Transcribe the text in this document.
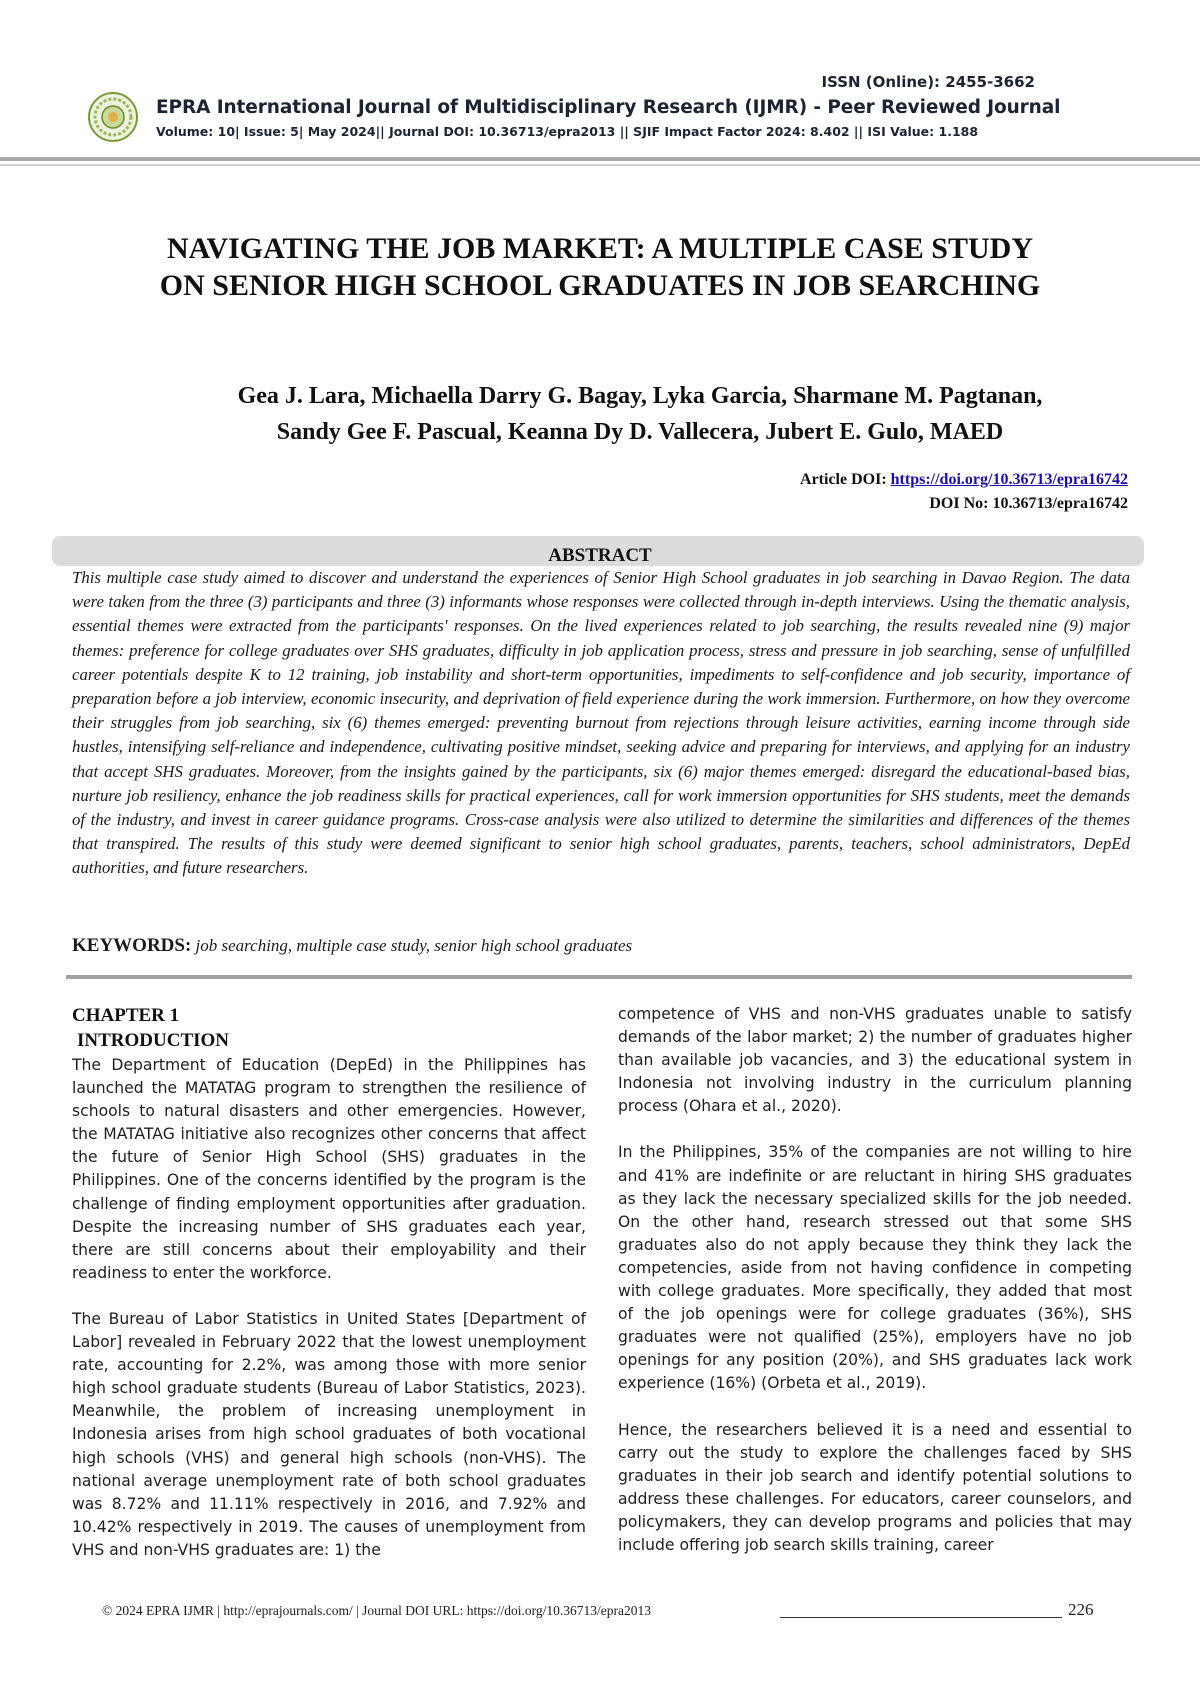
ISSN (Online): 2455-3662
EPRA International Journal of Multidisciplinary Research (IJMR) - Peer Reviewed Journal
Volume: 10| Issue: 5| May 2024|| Journal DOI: 10.36713/epra2013 || SJIF Impact Factor 2024: 8.402 || ISI Value: 1.188
NAVIGATING THE JOB MARKET: A MULTIPLE CASE STUDY
ON SENIOR HIGH SCHOOL GRADUATES IN JOB SEARCHING
Gea J. Lara, Michaella Darry G. Bagay, Lyka Garcia, Sharmane M. Pagtanan,
Sandy Gee F. Pascual, Keanna Dy D. Vallecera, Jubert E. Gulo, MAED
Article DOI: https://doi.org/10.36713/epra16742
DOI No: 10.36713/epra16742
ABSTRACT
This multiple case study aimed to discover and understand the experiences of Senior High School graduates in job searching in Davao Region. The data were taken from the three (3) participants and three (3) informants whose responses were collected through in-depth interviews. Using the thematic analysis, essential themes were extracted from the participants' responses. On the lived experiences related to job searching, the results revealed nine (9) major themes: preference for college graduates over SHS graduates, difficulty in job application process, stress and pressure in job searching, sense of unfulfilled career potentials despite K to 12 training, job instability and short-term opportunities, impediments to self-confidence and job security, importance of preparation before a job interview, economic insecurity, and deprivation of field experience during the work immersion. Furthermore, on how they overcome their struggles from job searching, six (6) themes emerged: preventing burnout from rejections through leisure activities, earning income through side hustles, intensifying self-reliance and independence, cultivating positive mindset, seeking advice and preparing for interviews, and applying for an industry that accept SHS graduates. Moreover, from the insights gained by the participants, six (6) major themes emerged: disregard the educational-based bias, nurture job resiliency, enhance the job readiness skills for practical experiences, call for work immersion opportunities for SHS students, meet the demands of the industry, and invest in career guidance programs. Cross-case analysis were also utilized to determine the similarities and differences of the themes that transpired. The results of this study were deemed significant to senior high school graduates, parents, teachers, school administrators, DepEd authorities, and future researchers.
KEYWORDS: job searching, multiple case study, senior high school graduates
CHAPTER 1
INTRODUCTION

The Department of Education (DepEd) in the Philippines has launched the MATATAG program to strengthen the resilience of schools to natural disasters and other emergencies. However, the MATATAG initiative also recognizes other concerns that affect the future of Senior High School (SHS) graduates in the Philippines. One of the concerns identified by the program is the challenge of finding employment opportunities after graduation. Despite the increasing number of SHS graduates each year, there are still concerns about their employability and their readiness to enter the workforce.

The Bureau of Labor Statistics in United States [Department of Labor] revealed in February 2022 that the lowest unemployment rate, accounting for 2.2%, was among those with more senior high school graduate students (Bureau of Labor Statistics, 2023). Meanwhile, the problem of increasing unemployment in Indonesia arises from high school graduates of both vocational high schools (VHS) and general high schools (non-VHS). The national average unemployment rate of both school graduates was 8.72% and 11.11% respectively in 2016, and 7.92% and 10.42% respectively in 2019. The causes of unemployment from VHS and non-VHS graduates are: 1) the

competence of VHS and non-VHS graduates unable to satisfy demands of the labor market; 2) the number of graduates higher than available job vacancies, and 3) the educational system in Indonesia not involving industry in the curriculum planning process (Ohara et al., 2020).

In the Philippines, 35% of the companies are not willing to hire and 41% are indefinite or are reluctant in hiring SHS graduates as they lack the necessary specialized skills for the job needed. On the other hand, research stressed out that some SHS graduates also do not apply because they think they lack the competencies, aside from not having confidence in competing with college graduates. More specifically, they added that most of the job openings were for college graduates (36%), SHS graduates were not qualified (25%), employers have no job openings for any position (20%), and SHS graduates lack work experience (16%) (Orbeta et al., 2019).

Hence, the researchers believed it is a need and essential to carry out the study to explore the challenges faced by SHS graduates in their job search and identify potential solutions to address these challenges. For educators, career counselors, and policymakers, they can develop programs and policies that may include offering job search skills training, career

© 2024 EPRA IJMR | http://eprajournals.com/ | Journal DOI URL: https://doi.org/10.36713/epra2013	226
